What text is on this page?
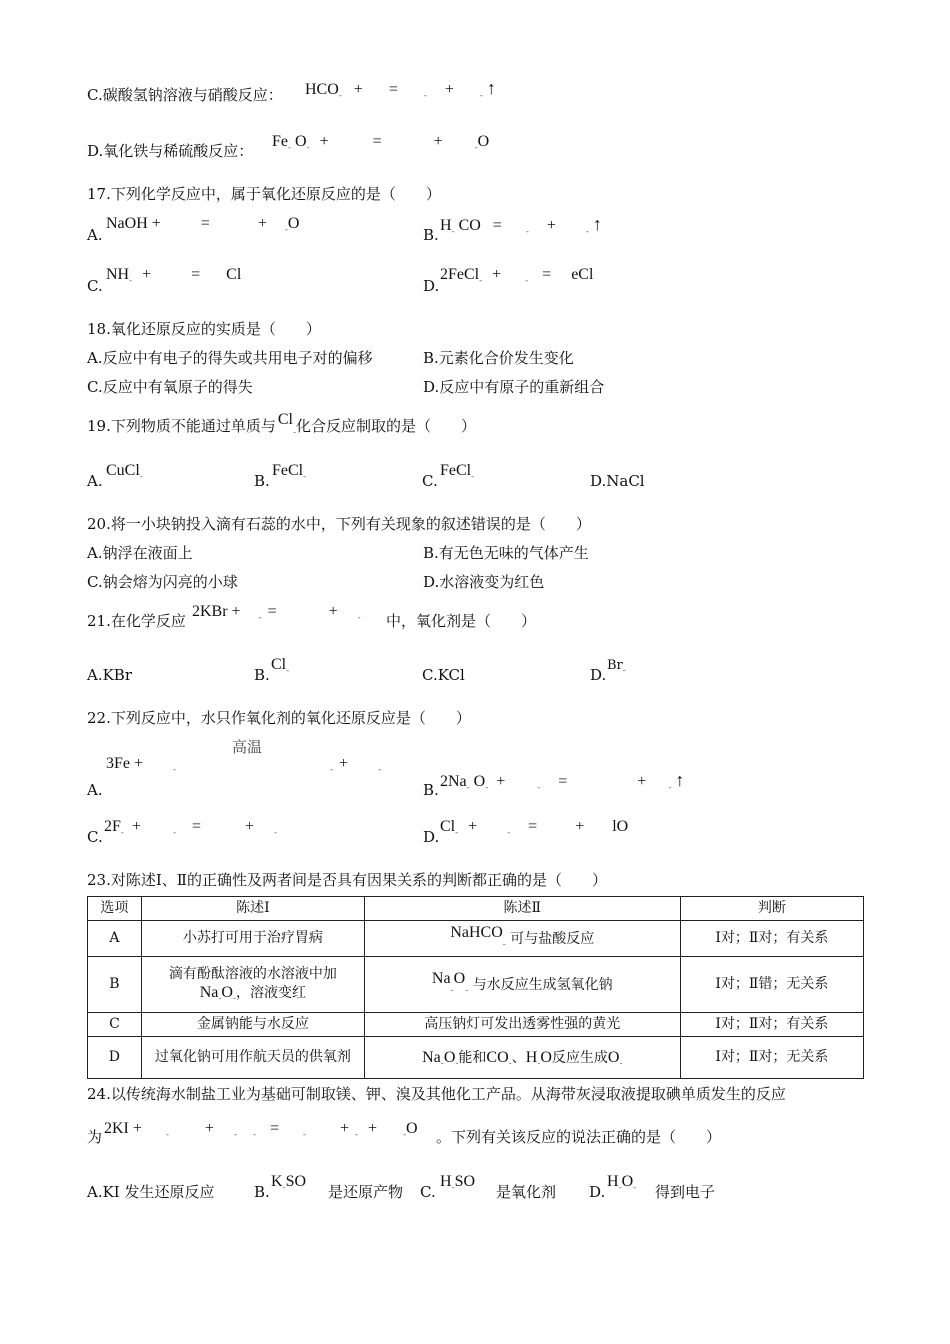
C.碳酸氢钠溶液与硝酸反应： $HCO_-$ + =	$_-$ +	$_-$ ↑
D.氧化铁与稀硫酸反应：
$Fe_-$ $O_-$ +	=	+	$_-$O
17.下列化学反应中，属于氧化还原反应的是（　　）
A.
NaOH +	=	+ $_-$O
B.
$H_-$ CO =	$_-$ +	$_-$ ↑
C.
$NH_-$ +	= Cl
D.
2FeCl$_-$ +	$_-$ = eCl
18.氧化还原反应的实质是（　　）
A.反应中有电子的得失或共用电子对的偏移	B.元素化合价发生变化
C.反应中有氧原子的得失	D.反应中有原子的重新组合
19.下列物质不能通过单质与 $Cl_-$化合反应制取的是（　　）
A.
CuCl$_-$	B.
FeCl$_-$	C.
FeCl$_-$	D.NaCl
20.将一小块钠投入滴有石蕊的水中，下列有关现象的叙述错误的是（　　）
A.钠浮在液面上	B.有无色无味的气体产生
C.钠会熔为闪亮的小球	D.水溶液变为红色
21.在化学反应
2KBr + $_-$ =	+ $_-$ 中，氧化剂是（　　）
A.KBr	B.
$Cl_-$	C.KCl	D.
$Br_-$
22.下列反应中，水只作氧化剂的氧化还原反应是（　　）
高温
A.
3Fe +	$_-$	$_-$ +	$_-$
B. $2Na_-$ $O_-$ +	$_-$ =	+ $_-$ ↑
C.
$2F_-$ +	$_-$ =	+ $_-$	D.
$Cl_-$ +	$_-$ = + lO
23.对陈述Ⅰ、Ⅱ的正确性及两者间是否具有因果关系的判断都正确的是（　　）
选项	陈述Ⅰ	陈述Ⅱ	判断
A	小苏打可用于治疗胃病	NaHCO$_-$ 可与盐酸反应	Ⅰ对；Ⅱ对；有关系
B	滴有酚酞溶液的水溶液中加
$Na_-O_-$，溶液变红	$Na_-O_-$ 与水反应生成氢氧化钠	Ⅰ对；Ⅱ错；无关系
C	金属钠能与水反应	高压钠灯可发出透雾性强的黄光	Ⅰ对；Ⅱ对；有关系
D	过氧化钠可用作航天员的供氧剂	$Na_-O_-$能和$CO_-$、$H_-O$反应生成$O_-$	Ⅰ对；Ⅱ对；无关系
24.以传统海水制盐工业为基础可制取镁、钾、溴及其他化工产品。从海带灰浸取液提取碘单质发生的反应
为 2KI +	$_-$ + $_-$ $_-$ =	$_-$ + $_-$ +	$_-$O 。下列有关该反应的说法正确的是（　　）
A.KI 发生还原反应	B.
$K_-SO$
是还原产物 C.
$H_-SO$
是氧化剂 D.
$H_-O_-$ 得到电子
